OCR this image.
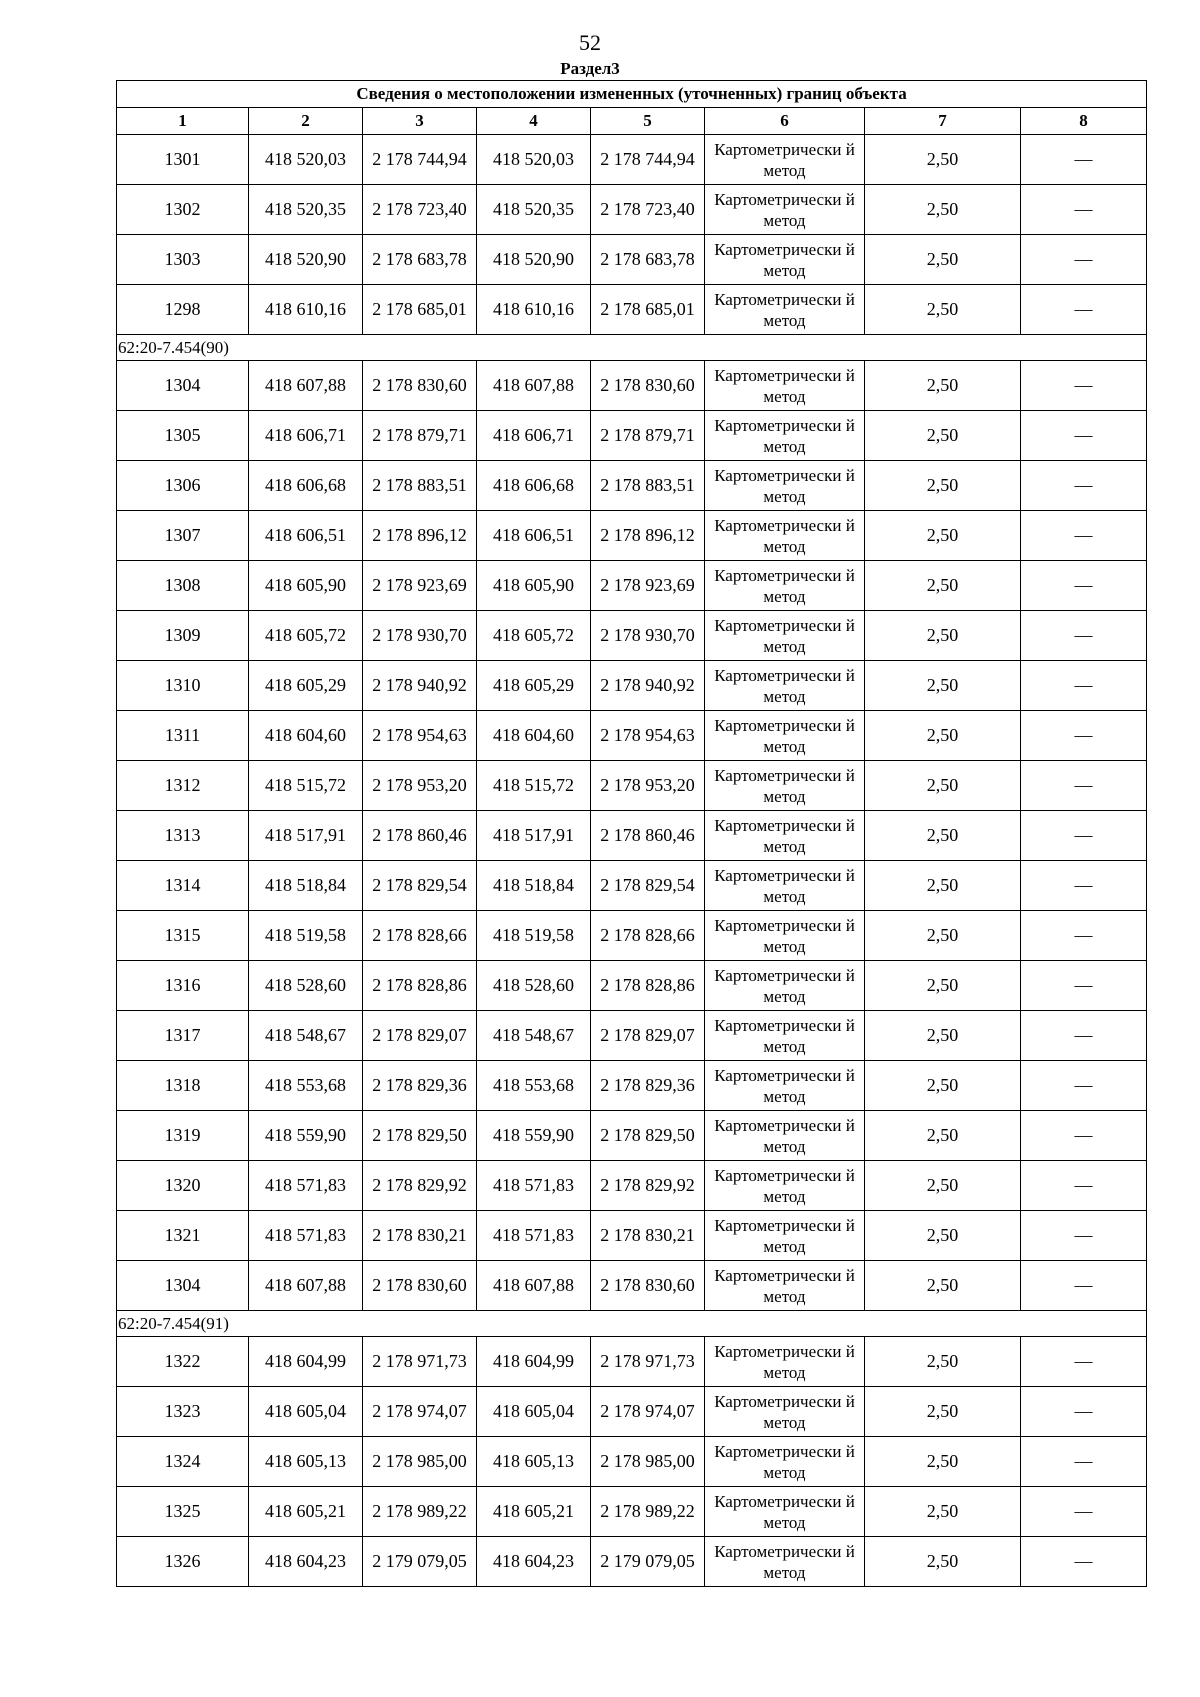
52
Раздел3
Сведения о местоположении измененных (уточненных) границ объекта							
1	2	3	4	5	6	7	8
1301	418 520,03	2 178 744,94	418 520,03	2 178 744,94	Картометрически й метод	2,50	—
1302	418 520,35	2 178 723,40	418 520,35	2 178 723,40	Картометрически й метод	2,50	—
1303	418 520,90	2 178 683,78	418 520,90	2 178 683,78	Картометрически й метод	2,50	—
1298	418 610,16	2 178 685,01	418 610,16	2 178 685,01	Картометрически й метод	2,50	—
62:20-7.454(90)							
1304	418 607,88	2 178 830,60	418 607,88	2 178 830,60	Картометрически й метод	2,50	—
1305	418 606,71	2 178 879,71	418 606,71	2 178 879,71	Картометрически й метод	2,50	—
1306	418 606,68	2 178 883,51	418 606,68	2 178 883,51	Картометрически й метод	2,50	—
1307	418 606,51	2 178 896,12	418 606,51	2 178 896,12	Картометрически й метод	2,50	—
1308	418 605,90	2 178 923,69	418 605,90	2 178 923,69	Картометрически й метод	2,50	—
1309	418 605,72	2 178 930,70	418 605,72	2 178 930,70	Картометрически й метод	2,50	—
1310	418 605,29	2 178 940,92	418 605,29	2 178 940,92	Картометрически й метод	2,50	—
1311	418 604,60	2 178 954,63	418 604,60	2 178 954,63	Картометрически й метод	2,50	—
1312	418 515,72	2 178 953,20	418 515,72	2 178 953,20	Картометрически й метод	2,50	—
1313	418 517,91	2 178 860,46	418 517,91	2 178 860,46	Картометрически й метод	2,50	—
1314	418 518,84	2 178 829,54	418 518,84	2 178 829,54	Картометрически й метод	2,50	—
1315	418 519,58	2 178 828,66	418 519,58	2 178 828,66	Картометрически й метод	2,50	—
1316	418 528,60	2 178 828,86	418 528,60	2 178 828,86	Картометрически й метод	2,50	—
1317	418 548,67	2 178 829,07	418 548,67	2 178 829,07	Картометрически й метод	2,50	—
1318	418 553,68	2 178 829,36	418 553,68	2 178 829,36	Картометрически й метод	2,50	—
1319	418 559,90	2 178 829,50	418 559,90	2 178 829,50	Картометрически й метод	2,50	—
1320	418 571,83	2 178 829,92	418 571,83	2 178 829,92	Картометрически й метод	2,50	—
1321	418 571,83	2 178 830,21	418 571,83	2 178 830,21	Картометрически й метод	2,50	—
1304	418 607,88	2 178 830,60	418 607,88	2 178 830,60	Картометрически й метод	2,50	—
62:20-7.454(91)							
1322	418 604,99	2 178 971,73	418 604,99	2 178 971,73	Картометрически й метод	2,50	—
1323	418 605,04	2 178 974,07	418 605,04	2 178 974,07	Картометрически й метод	2,50	—
1324	418 605,13	2 178 985,00	418 605,13	2 178 985,00	Картометрически й метод	2,50	—
1325	418 605,21	2 178 989,22	418 605,21	2 178 989,22	Картометрически й метод	2,50	—
1326	418 604,23	2 179 079,05	418 604,23	2 179 079,05	Картометрически й метод	2,50	—
